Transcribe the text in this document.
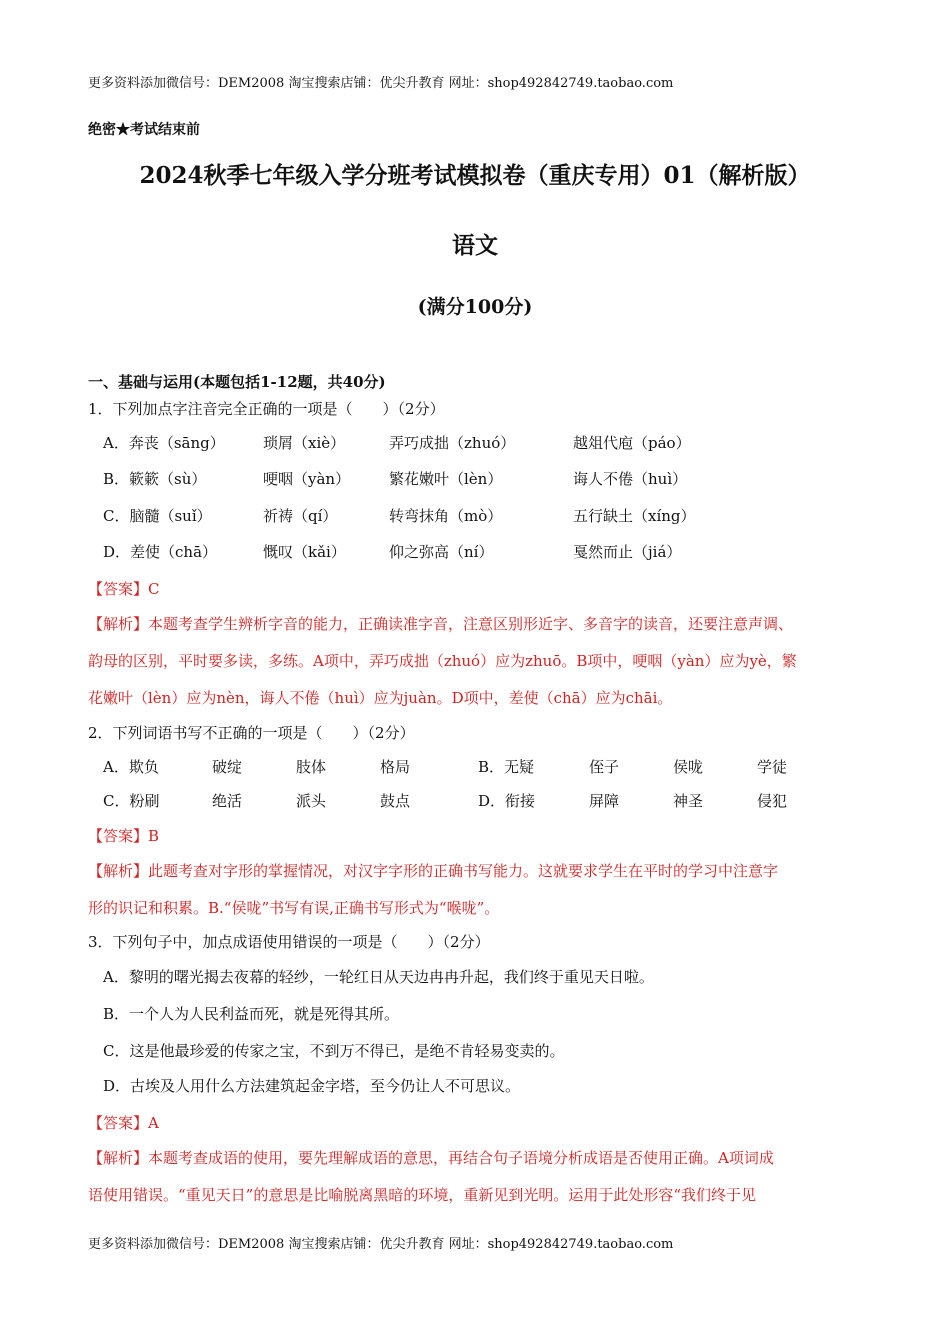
更多资料添加微信号：DEM2008 淘宝搜索店铺：优尖升教育 网址：shop492842749.taobao.com
绝密★考试结束前
2024秋季七年级入学分班考试模拟卷（重庆专用）01（解析版）
语文
(满分100分)
一、基础与运用(本题包括1-12题，共40分)
1．下列加点字注音完全正确的一项是（　　）（2分）
A．奔丧（sāng）	琐屑（xiè）	弄巧成拙（zhuó）	越俎代庖（páo）
B．簌簌（sù）	哽咽（yàn）	繁花嫩叶（lèn）	诲人不倦（huì）
C．脑髓（suǐ）	祈祷（qí）	转弯抹角（mò）	五行缺土（xíng）
D．差使（chā）	慨叹（kǎi）	仰之弥高（ní）	戛然而止（jiá）
【答案】C
【解析】本题考查学生辨析字音的能力，正确读准字音，注意区别形近字、多音字的读音，还要注意声调、
韵母的区别，平时要多读，多练。A项中，弄巧成拙（zhuó）应为zhuō。B项中，哽咽（yàn）应为yè，繁
花嫩叶（lèn）应为nèn，诲人不倦（huì）应为juàn。D项中，差使（chā）应为chāi。
2．下列词语书写不正确的一项是（　　）（2分）
A．欺负	破绽	肢体	格局	B．无疑	侄子	侯咙	学徒
C．粉刷	绝活	派头	鼓点	D．衔接	屏障	神圣	侵犯
【答案】B
【解析】此题考查对字形的掌握情况，对汉字字形的正确书写能力。这就要求学生在平时的学习中注意字
形的识记和积累。B.“侯咙”书写有误,正确书写形式为“喉咙”。
3．下列句子中，加点成语使用错误的一项是（　　）（2分）
A．黎明的曙光揭去夜幕的轻纱，一轮红日从天边冉冉升起，我们终于重见天日啦。
B．一个人为人民利益而死，就是死得其所。
C．这是他最珍爱的传家之宝，不到万不得已，是绝不肯轻易变卖的。
D．古埃及人用什么方法建筑起金字塔，至今仍让人不可思议。
【答案】A
【解析】本题考查成语的使用，要先理解成语的意思，再结合句子语境分析成语是否使用正确。A项词成
语使用错误。“重见天日”的意思是比喻脱离黑暗的环境，重新见到光明。运用于此处形容“我们终于见
更多资料添加微信号：DEM2008 淘宝搜索店铺：优尖升教育 网址：shop492842749.taobao.com
